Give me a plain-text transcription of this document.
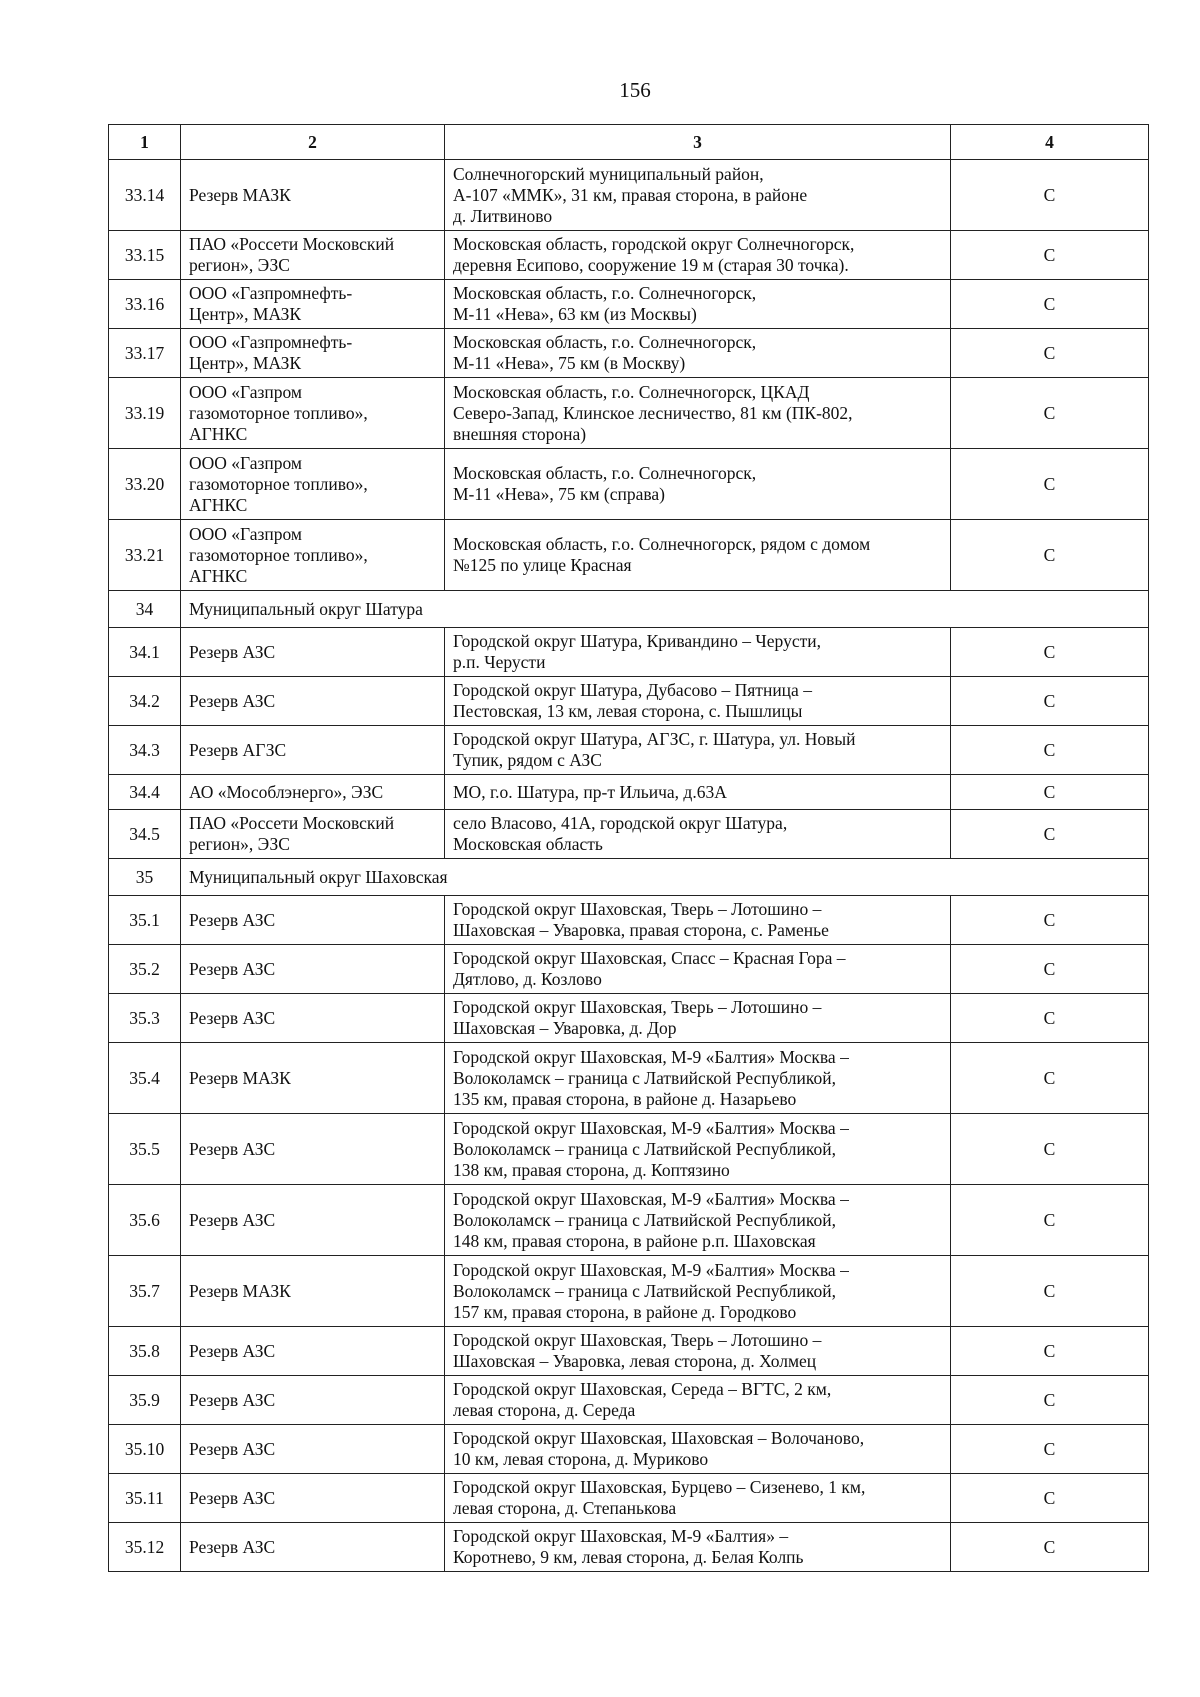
156
1	2	3	4
33.14	Резерв МАЗК	Солнечногорский муниципальный район,
А-107 «ММК», 31 км, правая сторона, в районе
д. Литвиново	С
33.15	ПАО «Россети Московский
регион», ЭЗС	Московская область, городской округ Солнечногорск,
деревня Есипово, сооружение 19 м (старая 30 точка).	С
33.16	ООО «Газпромнефть-
Центр», МАЗК	Московская область, г.о. Солнечногорск,
М-11 «Нева», 63 км (из Москвы)	С
33.17	ООО «Газпромнефть-
Центр», МАЗК	Московская область, г.о. Солнечногорск,
М-11 «Нева», 75 км (в Москву)	С
33.19	ООО «Газпром
газомоторное топливо»,
АГНКС	Московская область, г.о. Солнечногорск, ЦКАД
Северо-Запад, Клинское лесничество, 81 км (ПК-802,
внешняя сторона)	С
33.20	ООО «Газпром
газомоторное топливо»,
АГНКС	Московская область, г.о. Солнечногорск,
М-11 «Нева», 75 км (справа)	С
33.21	ООО «Газпром
газомоторное топливо»,
АГНКС	Московская область, г.о. Солнечногорск, рядом с домом
№125 по улице Красная	С
34	Муниципальный округ Шатура		
34.1	Резерв АЗС	Городской округ Шатура, Кривандино – Черусти,
р.п. Черусти	С
34.2	Резерв АЗС	Городской округ Шатура, Дубасово – Пятница –
Пестовская, 13 км, левая сторона, с. Пышлицы	С
34.3	Резерв АГЗС	Городской округ Шатура, АГЗС, г. Шатура, ул. Новый
Тупик, рядом с АЗС	С
34.4	АО «Мособлэнерго», ЭЗС	МО, г.о. Шатура, пр-т Ильича, д.63А	С
34.5	ПАО «Россети Московский
регион», ЭЗС	село Власово, 41А, городской округ Шатура,
Московская область	С
35	Муниципальный округ Шаховская		
35.1	Резерв АЗС	Городской округ Шаховская, Тверь – Лотошино –
Шаховская – Уваровка, правая сторона, с. Раменье	С
35.2	Резерв АЗС	Городской округ Шаховская, Спасс – Красная Гора –
Дятлово, д. Козлово	С
35.3	Резерв АЗС	Городской округ Шаховская, Тверь – Лотошино –
Шаховская – Уваровка, д. Дор	С
35.4	Резерв МАЗК	Городской округ Шаховская, М-9 «Балтия» Москва –
Волоколамск – граница с Латвийской Республикой,
135 км, правая сторона, в районе д. Назарьево	С
35.5	Резерв АЗС	Городской округ Шаховская, М-9 «Балтия» Москва –
Волоколамск – граница с Латвийской Республикой,
138 км, правая сторона, д. Коптязино	С
35.6	Резерв АЗС	Городской округ Шаховская, М-9 «Балтия» Москва –
Волоколамск – граница с Латвийской Республикой,
148 км, правая сторона, в районе р.п. Шаховская	С
35.7	Резерв МАЗК	Городской округ Шаховская, М-9 «Балтия» Москва –
Волоколамск – граница с Латвийской Республикой,
157 км, правая сторона, в районе д. Городково	С
35.8	Резерв АЗС	Городской округ Шаховская, Тверь – Лотошино –
Шаховская – Уваровка, левая сторона, д. Холмец	С
35.9	Резерв АЗС	Городской округ Шаховская, Середа – ВГТС, 2 км,
левая сторона, д. Середа	С
35.10	Резерв АЗС	Городской округ Шаховская, Шаховская – Волочаново,
10 км, левая сторона, д. Муриково	С
35.11	Резерв АЗС	Городской округ Шаховская, Бурцево – Сизенево, 1 км,
левая сторона, д. Степанькова	С
35.12	Резерв АЗС	Городской округ Шаховская, М-9 «Балтия» –
Коротнево, 9 км, левая сторона, д. Белая Колпь	С
